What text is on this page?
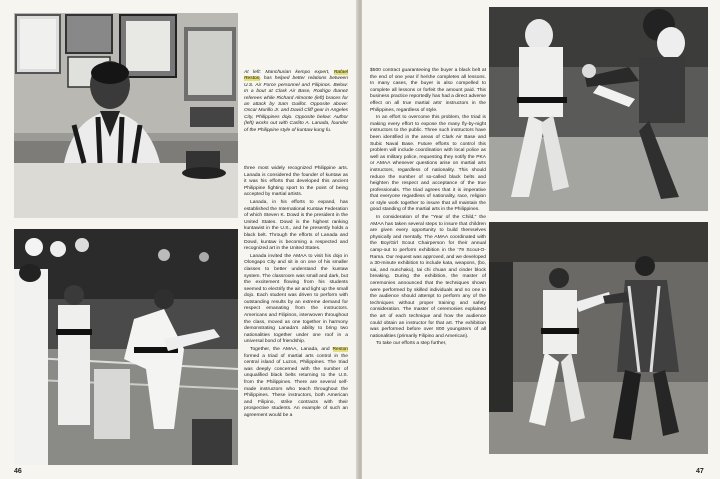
At left: Manchurian kempo expert, Rafael Reston, has helped better relations between U.S. Air Force personnel and Filipinos. Below: In a bout at Clark Air Base, Rodrigo Ibanez referees while Richard Almonte (left) braces for an attack by Sam Guillot. Opposite above: Oscar Murillo Jr. and David Cliff gear in Angeles City, Philippines dojo. Opposite below: Author (left) works out with Carlito A. Lanada, founder of the Philippine style of kuntaw kung fu.

three most widely recognized Philippine arts. Lanada is considered the founder of kuntaw as it was his efforts that developed this ancient Philippine fighting sport to the point of being accepted by martial artists.

Lanada, in his efforts to expand, has established the International Kuntaw Federation of which Steven K. Dowd is the president in the United States. Dowd is the highest ranking kuntawist in the U.S., and he presently holds a black belt. Through the efforts of Lanada and Dowd, kuntaw is becoming a respected and recognized art in the United States.

Lanada invited the AMAA to visit his dojo in Olongapo City and sit in on one of his smaller classes to better understand the kuntaw system. The classroom was small and dark, but the excitement flowing from his students seemed to electrify the air and light up the small dojo. Each student was driven to perform with outstanding results by an extreme demand for respect emanating from the instructors. Americans and Filipinos, interwoven throughout the class, moved as one together in harmony demonstrating Lanada's ability to bring two nationalities together under one roof in a universal bond of friendship.

Together, the AMAA, Lanada, and Reston formed a triad of martial arts control in the central island of Luzon, Philippines. The triad was deeply concerned with the number of unqualified black belts returning to the U.S. from the Philippines. There are several self-made instructors who teach throughout the Philippines. These instructors, both American and Filipino, strike contracts with their prospective students. An example of such an agreement would be a

46

$500 contract guaranteeing the buyer a black belt at the end of one year if he/she completes all lessons. In many cases, the buyer is also compelled to complete all lessons or forfeit the amount paid. This business practice reportedly has had a direct adverse effect on all true martial arts' instructors in the Philippines, regardless of style.

In an effort to overcome this problem, the triad is making every effort to expose the many fly-by-night instructors to the public. Three such instructors have been identified in the areas of Clark Air Base and Subic Naval Base. Future efforts to control this problem will include coordination with local police as well as military police, requesting they notify the PKA or AMAA whenever questions arise on martial arts instructors, regardless of nationality. This should reduce the number of so-called black belts and heighten the respect and acceptance of the true professionals. The triad agrees that it is imperative that everyone regardless of nationality, race, religion or style work together to insure that all maintain the good standing of the martial arts in the Philippines.

In consideration of the "Year of the Child," the AMAA has taken several steps to insure that children are given every opportunity to build themselves physically and mentally. The AMAA coordinated with the Boy/Girl Scout Chairperson for their annual camp-out to perform exhibition in the '79 Scout-O-Rama. Our request was approved, and we developed a 30-minute exhibition to include kata, weapons, (bo, sai, and nunchaku), tai chi chuan and cinder block breaking. During the exhibition, the master of ceremonies announced that the techniques shown were performed by skilled individuals and no one in the audience should attempt to perform any of the techniques without proper training and safety consideration. The master of ceremonies explained the art of each technique and how the audience could obtain an instructor for that art. The exhibition was performed before over 800 youngsters of all nationalities (primarily Filipino and American).

To take our efforts a step further,

47
